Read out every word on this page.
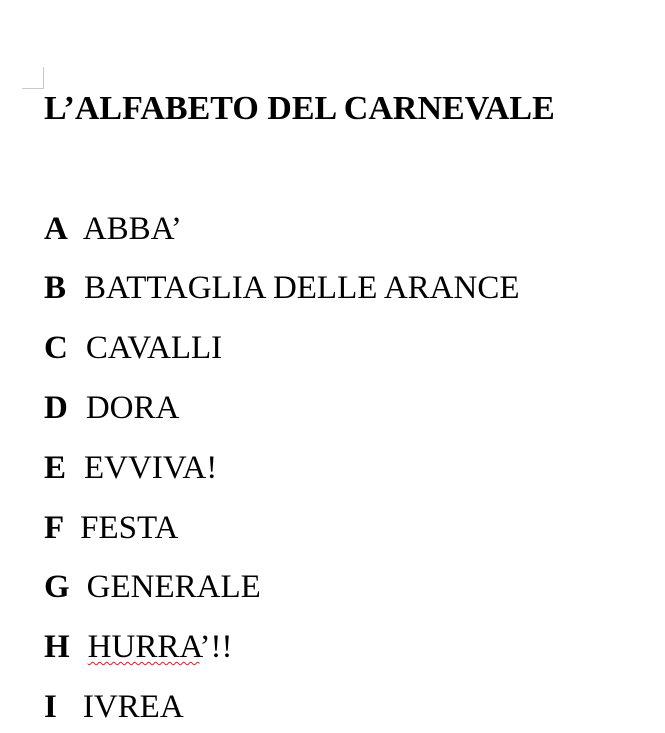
L’ALFABETO DEL CARNEVALE

A ABBA’

B BATTAGLIA DELLE ARANCE

C CAVALLI

D DORA

E EVVIVA!

F FESTA

G GENERALE

H HURRA’!!

I IVREA
